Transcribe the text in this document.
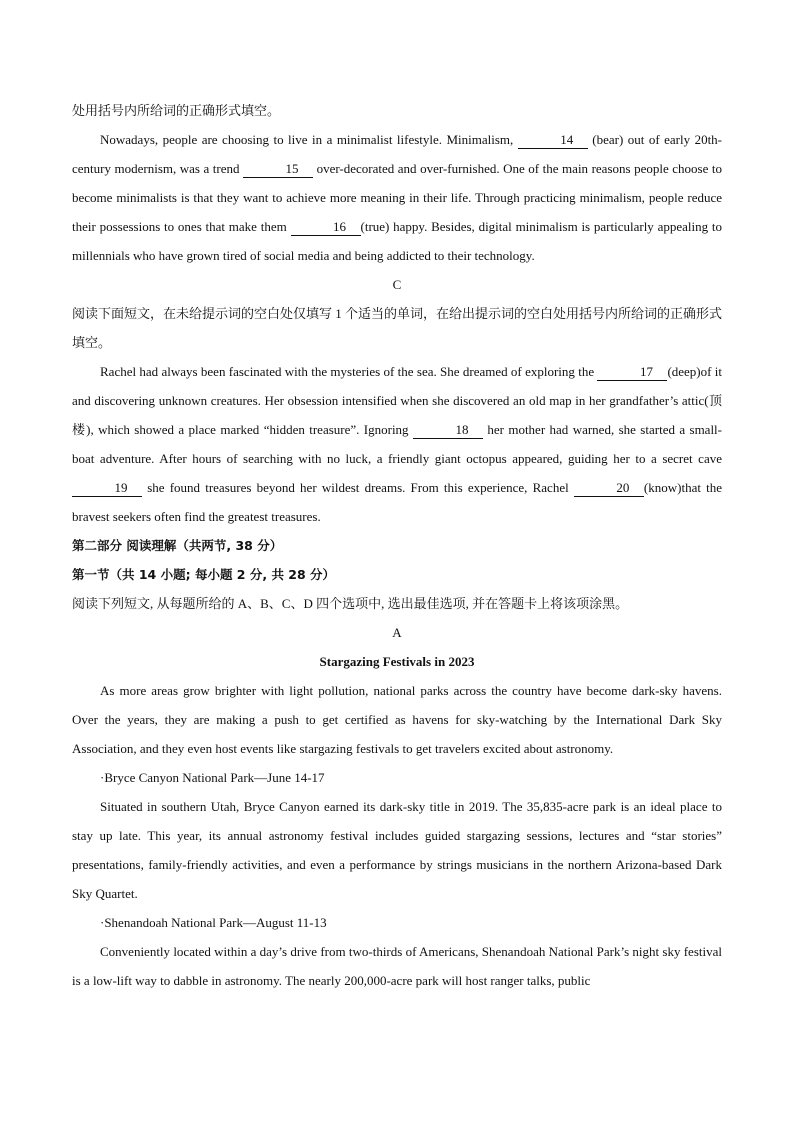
处用括号内所给词的正确形式填空。

Nowadays, people are choosing to live in a minimalist lifestyle. Minimalism,	14 (bear) out of early 20th-century modernism, was a trend	15 over-decorated and over-furnished. One of the main reasons people choose to become minimalists is that they want to achieve more meaning in their life. Through practicing minimalism, people reduce their possessions to ones that make them	16 (true) happy. Besides, digital minimalism is particularly appealing to millennials who have grown tired of social media and being addicted to their technology.

C

阅读下面短文，在未给提示词的空白处仅填写 1 个适当的单词，在给出提示词的空白处用括号内所给词的正确形式填空。

Rachel had always been fascinated with the mysteries of the sea. She dreamed of exploring the	17 (deep)of it and discovering unknown creatures. Her obsession intensified when she discovered an old map in her grandfather’s attic(顶楼), which showed a place marked “hidden treasure”. Ignoring	18 her mother had warned, she started a small-boat adventure. After hours of searching with no luck, a friendly giant octopus appeared, guiding her to a secret cave 19 she found treasures beyond her wildest dreams. From this experience, Rachel	20 (know)that the bravest seekers often find the greatest treasures.

第二部分 阅读理解（共两节, 38 分）

第一节（共 14 小题; 每小题 2 分, 共 28 分）

阅读下列短文, 从每题所给的 A、B、C、D 四个选项中, 选出最佳选项, 并在答题卡上将该项涂黑。

A

Stargazing Festivals in 2023

As more areas grow brighter with light pollution, national parks across the country have become dark-sky havens. Over the years, they are making a push to get certified as havens for sky-watching by the International Dark Sky Association, and they even host events like stargazing festivals to get travelers excited about astronomy.

·Bryce Canyon National Park—June 14-17

Situated in southern Utah, Bryce Canyon earned its dark-sky title in 2019. The 35,835-acre park is an ideal place to stay up late. This year, its annual astronomy festival includes guided stargazing sessions, lectures and “star stories” presentations, family-friendly activities, and even a performance by strings musicians in the northern Arizona-based Dark Sky Quartet.

·Shenandoah National Park—August 11-13

Conveniently located within a day’s drive from two-thirds of Americans, Shenandoah National Park’s night sky festival is a low-lift way to dabble in astronomy. The nearly 200,000-acre park will host ranger talks, public
